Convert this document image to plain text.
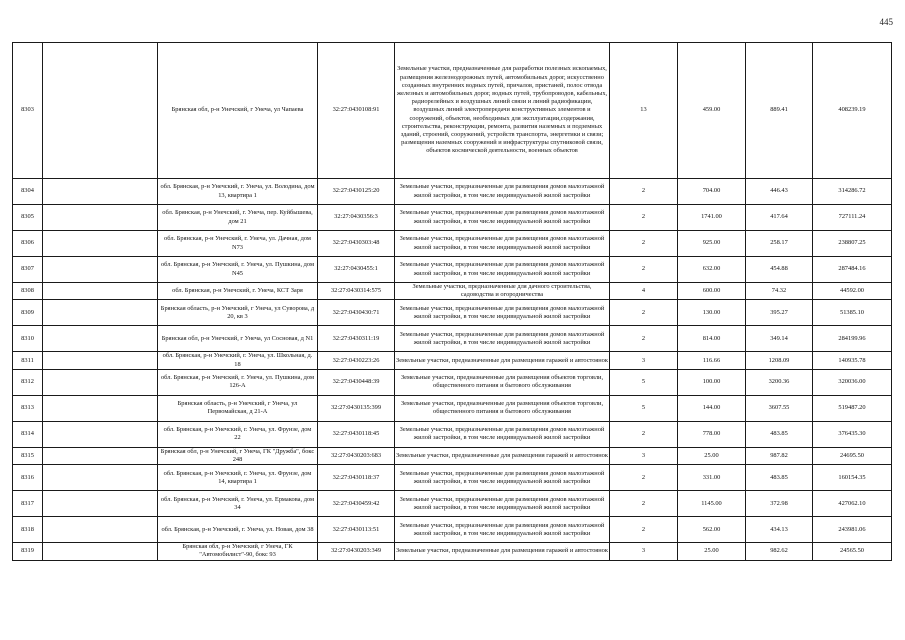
445
8303		Брянская обл, р-н Унечский, г Унеча, ул Чапаева	32:27:0430108:91	Земельные участки, предназначенные для разработки полезных ископаемых, размещения железнодорожных путей, автомобильных дорог, искусственно созданных внутренних водных путей, причалов, пристаней, полос отвода железных и автомобильных дорог, водных путей, трубопроводов, кабельных, радиорелейных и воздушных линий связи и линий радиофикации, воздушных линий электропередачи конструктивных элементов и сооружений, объектов, необходимых для эксплуатации,содержания, строительства, реконструкции, ремонта, развития наземных и подземных зданий, строений, сооружений, устройств транспорта, энергетики и связи; размещения наземных сооружений и инфраструктуры спутниковой связи, объектов космической деятельности, военных объектов	13	459.00	889.41	408239.19
8304		обл. Брянская, р-н Унечский, г. Унеча, ул. Володина, дом 13, квартира 1	32:27:0430125:20	Земельные участки, предназначенные для размещения домов малоэтажной жилой застройки, в том числе индивидуальной жилой застройки	2	704.00	446.43	314286.72
8305		обл. Брянская, р-н Унечский, г. Унеча, пер. Куйбышева, дом 21	32:27:0430356:3	Земельные участки, предназначенные для размещения домов малоэтажной жилой застройки, в том числе индивидуальной жилой застройки	2	1741.00	417.64	727111.24
8306		обл. Брянская, р-н Унечский, г. Унеча, ул. Дачная, дом N73	32:27:0430303:48	Земельные участки, предназначенные для размещения домов малоэтажной жилой застройки, в том числе индивидуальной жилой застройки	2	925.00	258.17	238807.25
8307		обл. Брянская, р-н Унечский, г. Унеча, ул. Пушкина, дом N45	32:27:0430455:1	Земельные участки, предназначенные для размещения домов малоэтажной жилой застройки, в том числе индивидуальной жилой застройки	2	632.00	454.88	287484.16
8308		обл. Брянская, р-н Унечский, г. Унеча, КСТ Заря	32:27:0430314:575	Земельные участки, предназначенные для дачного строительства, садоводства и огородничества	4	600.00	74.32	44592.00
8309		Брянская область, р-н Унечский, г Унеча, ул Суворова, д 20, кв 3	32:27:0430430:71	Земельные участки, предназначенные для размещения домов малоэтажной жилой застройки, в том числе индивидуальной жилой застройки	2	130.00	395.27	51385.10
8310		Брянская обл, р-н Унечский, г Унеча, ул Сосновая, д N1	32:27:0430311:19	Земельные участки, предназначенные для размещения домов малоэтажной жилой застройки, в том числе индивидуальной жилой застройки	2	814.00	349.14	284199.96
8311		обл. Брянская, р-н Унечский, г. Унеча, ул. Школьная, д. 18	32:27:0430223:26	Земельные участки, предназначенные для размещения гаражей и автостоянок	3	116.66	1208.09	140935.78
8312		обл. Брянская, р-н Унечский, г. Унеча, ул. Пушкина, дом 126-А	32:27:0430448:39	Земельные участки, предназначенные для размещения объектов торговли, общественного питания и бытового обслуживания	5	100.00	3200.36	320036.00
8313		Брянская область, р-н Унечский, г Унеча, ул Первомайская, д 21-А	32:27:0430135:399	Земельные участки, предназначенные для размещения объектов торговли, общественного питания и бытового обслуживания	5	144.00	3607.55	519487.20
8314		обл. Брянская, р-н Унечский, г. Унеча, ул. Фрунзе, дом 22	32:27:0430118:45	Земельные участки, предназначенные для размещения домов малоэтажной жилой застройки, в том числе индивидуальной жилой застройки	2	778.00	483.85	376435.30
8315		Брянская обл, р-н Унечский, г Унеча, ГК "Дружба", бокс 248	32:27:0430203:683	Земельные участки, предназначенные для размещения гаражей и автостоянок	3	25.00	987.82	24695.50
8316		обл. Брянская, р-н Унечский, г. Унеча, ул. Фрунзе, дом 14, квартира 1	32:27:0430118:37	Земельные участки, предназначенные для размещения домов малоэтажной жилой застройки, в том числе индивидуальной жилой застройки	2	331.00	483.85	160154.35
8317		обл. Брянская, р-н Унечский, г. Унеча, ул. Ермакова, дом 34	32:27:0430459:42	Земельные участки, предназначенные для размещения домов малоэтажной жилой застройки, в том числе индивидуальной жилой застройки	2	1145.00	372.98	427062.10
8318		обл. Брянская, р-н Унечский, г. Унеча, ул. Новая, дом 38	32:27:0430113:51	Земельные участки, предназначенные для размещения домов малоэтажной жилой застройки, в том числе индивидуальной жилой застройки	2	562.00	434.13	243981.06
8319		Брянская обл, р-н Унечский, г Унеча, ГК "Автомобилист"-90, бокс 93	32:27:0430203:349	Земельные участки, предназначенные для размещения гаражей и автостоянок	3	25.00	982.62	24565.50
